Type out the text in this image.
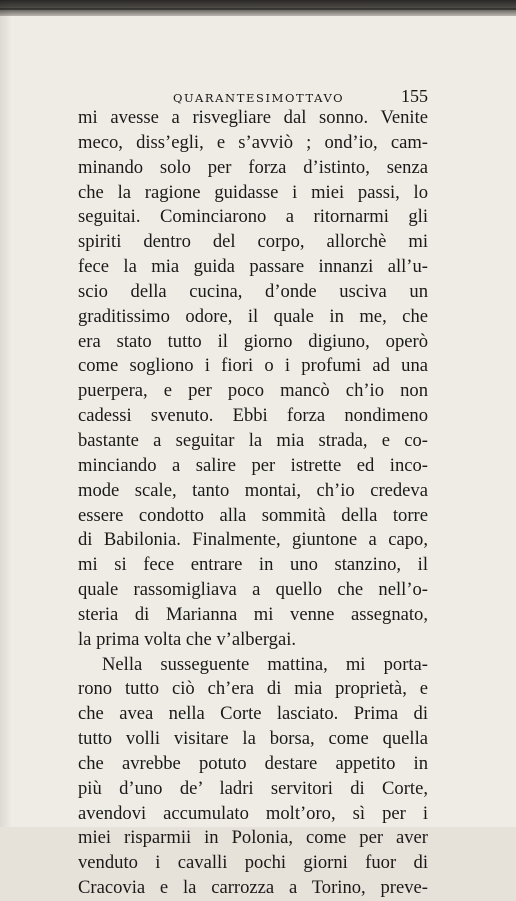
QUARANTESIMOTTAVO	155
mi avesse a risvegliare dal sonno. Venite
meco, diss’egli, e s’avviò ; ond’io, cam-
minando solo per forza d’istinto, senza
che la ragione guidasse i miei passi, lo
seguitai. Cominciarono a ritornarmi gli
spiriti dentro del corpo, allorchè mi
fece la mia guida passare innanzi all’u-
scio della cucina, d’onde usciva un
graditissimo odore, il quale in me, che
era stato tutto il giorno digiuno, operò
come sogliono i fiori o i profumi ad una
puerpera, e per poco mancò ch’io non
cadessi svenuto. Ebbi forza nondimeno
bastante a seguitar la mia strada, e co-
minciando a salire per istrette ed inco-
mode scale, tanto montai, ch’io credeva
essere condotto alla sommità della torre
di Babilonia. Finalmente, giuntone a capo,
mi si fece entrare in uno stanzino, il
quale rassomigliava a quello che nell’o-
steria di Marianna mi venne assegnato,
la prima volta che v’albergai.
Nella susseguente mattina, mi porta-
rono tutto ciò ch’era di mia proprietà, e
che avea nella Corte lasciato. Prima di
tutto volli visitare la borsa, come quella
che avrebbe potuto destare appetito in
più d’uno de’ ladri servitori di Corte,
avendovi accumulato molt’oro, sì per i
miei risparmii in Polonia, come per aver
venduto i cavalli pochi giorni fuor di
Cracovia e la carrozza a Torino, preve-
